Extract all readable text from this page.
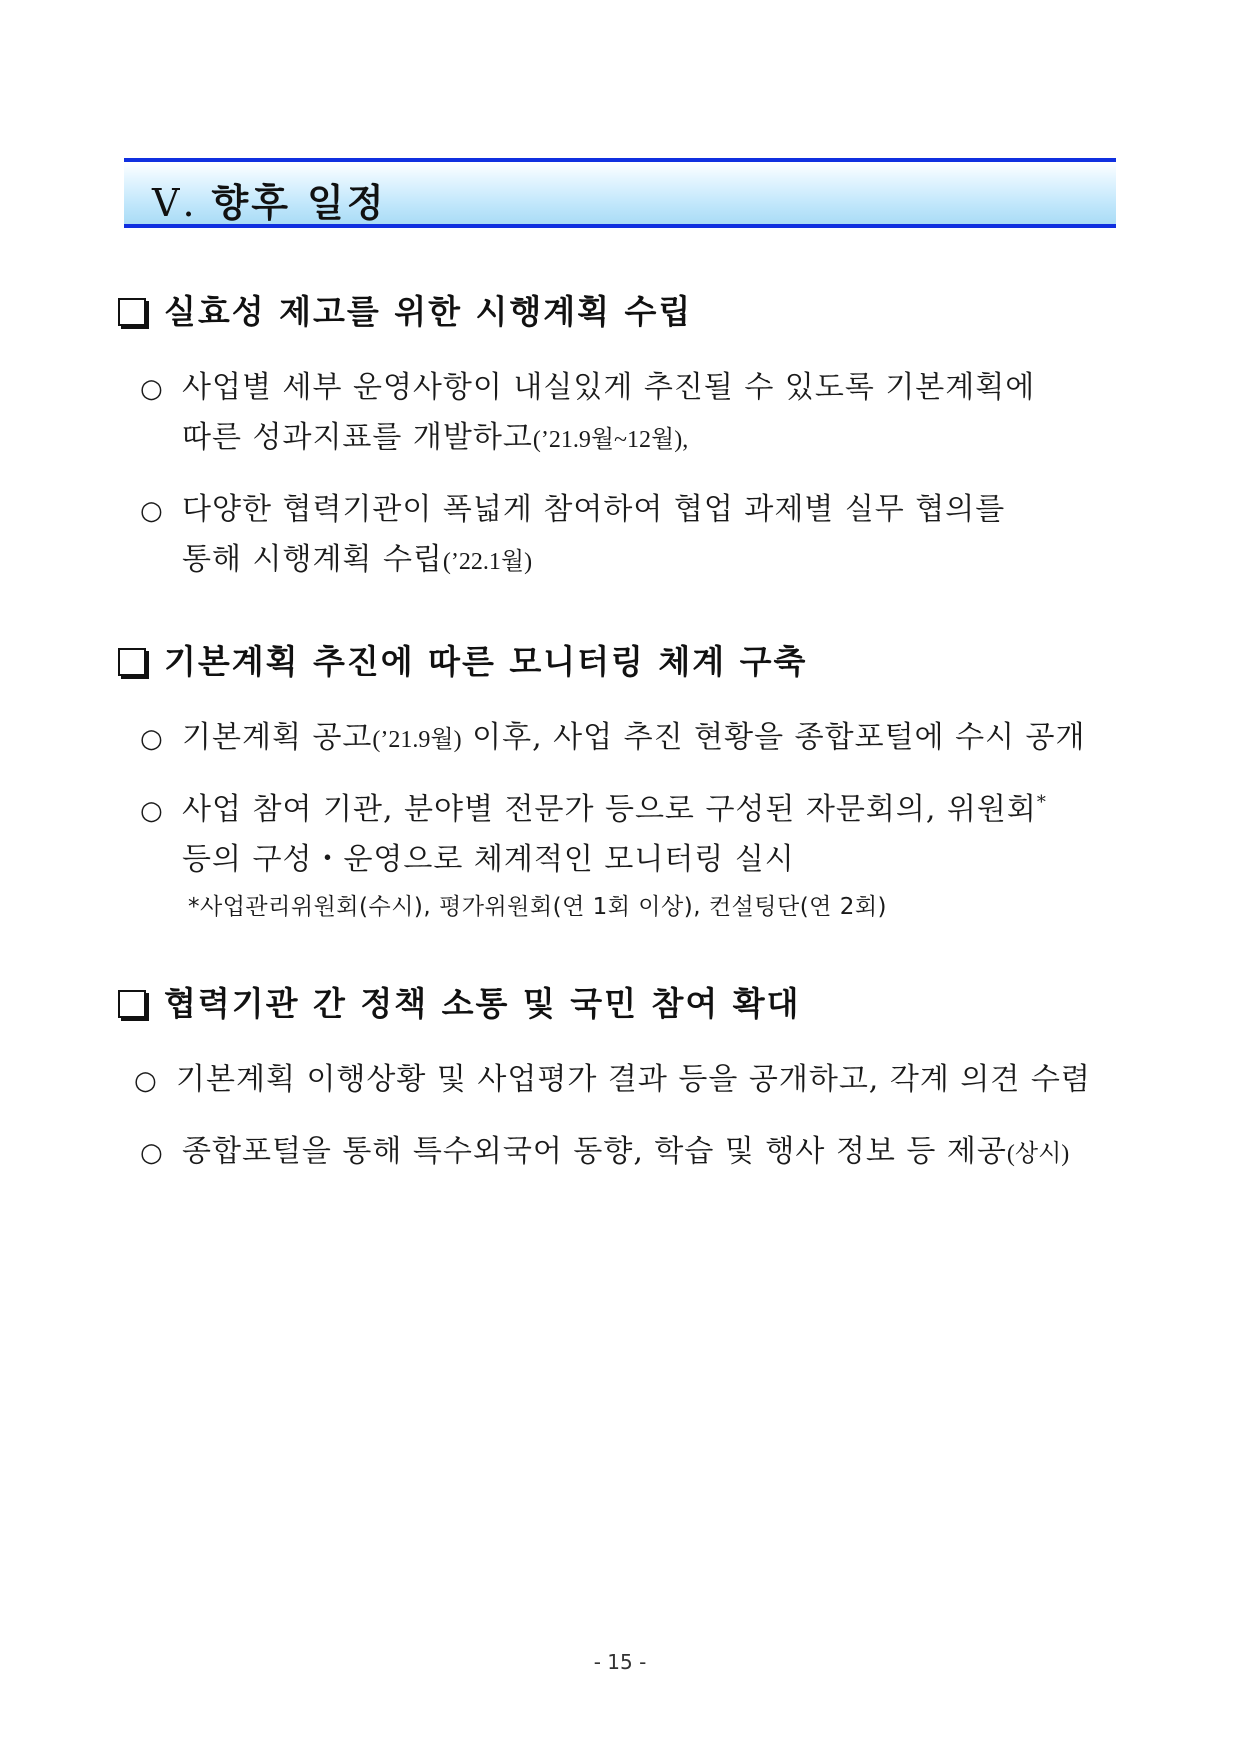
Ⅴ. 향후 일정
실효성 제고를 위한 시행계획 수립
○ 사업별 세부 운영사항이 내실있게 추진될 수 있도록 기본계획에
따른 성과지표를 개발하고(’21.9월~12월),
○ 다양한 협력기관이 폭넓게 참여하여 협업 과제별 실무 협의를
통해 시행계획 수립(’22.1월)
기본계획 추진에 따른 모니터링 체계 구축
○ 기본계획 공고(’21.9월) 이후, 사업 추진 현황을 종합포털에 수시 공개
○ 사업 참여 기관, 분야별 전문가 등으로 구성된 자문회의, 위원회*
등의 구성・운영으로 체계적인 모니터링 실시
*사업관리위원회(수시), 평가위원회(연 1회 이상), 컨설팅단(연 2회)
협력기관 간 정책 소통 및 국민 참여 확대
○ 기본계획 이행상황 및 사업평가 결과 등을 공개하고, 각계 의견 수렴
○ 종합포털을 통해 특수외국어 동향, 학습 및 행사 정보 등 제공(상시)
- 15 -
